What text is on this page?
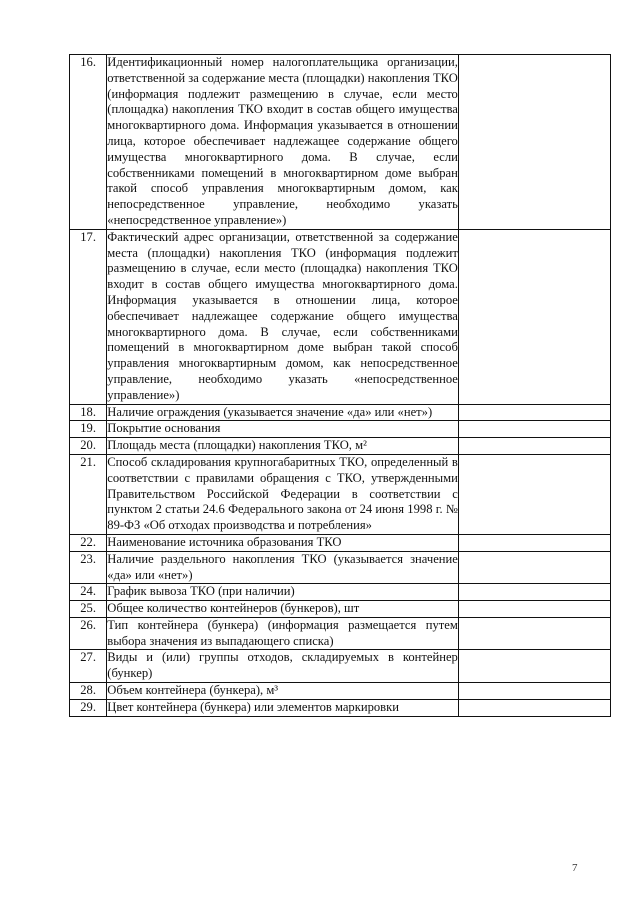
16.	Идентификационный номер налогоплательщика организации, ответственной за содержание места (площадки) накопления ТКО (информация подлежит размещению в случае, если место (площадка) накопления ТКО входит в состав общего имущества многоквартирного дома. Информация указывается в отношении лица, которое обеспечивает надлежащее содержание общего имущества многоквартирного дома. В случае, если собственниками помещений в многоквартирном доме выбран такой способ управления многоквартирным домом, как непосредственное управление, необходимо указать «непосредственное управление»)	
17.	Фактический адрес организации, ответственной за содержание места (площадки) накопления ТКО (информация подлежит размещению в случае, если место (площадка) накопления ТКО входит в состав общего имущества многоквартирного дома. Информация указывается в отношении лица, которое обеспечивает надлежащее содержание общего имущества многоквартирного дома. В случае, если собственниками помещений в многоквартирном доме выбран такой способ управления многоквартирным домом, как непосредственное управление, необходимо указать «непосредственное управление»)	
18.	Наличие ограждения (указывается значение «да» или «нет»)	
19.	Покрытие основания	
20.	Площадь места (площадки) накопления ТКО, м²	
21.	Способ складирования крупногабаритных ТКО, определенный в соответствии с правилами обращения с ТКО, утвержденными Правительством Российской Федерации в соответствии с пунктом 2 статьи 24.6 Федерального закона от 24 июня 1998 г. № 89-ФЗ «Об отходах производства и потребления»	
22.	Наименование источника образования ТКО	
23.	Наличие раздельного накопления ТКО (указывается значение «да» или «нет»)	
24.	График вывоза ТКО (при наличии)	
25.	Общее количество контейнеров (бункеров), шт	
26.	Тип контейнера (бункера) (информация размещается путем выбора значения из выпадающего списка)	
27.	Виды и (или) группы отходов, складируемых в контейнер (бункер)	
28.	Объем контейнера (бункера), м³	
29.	Цвет контейнера (бункера) или элементов маркировки	
7
